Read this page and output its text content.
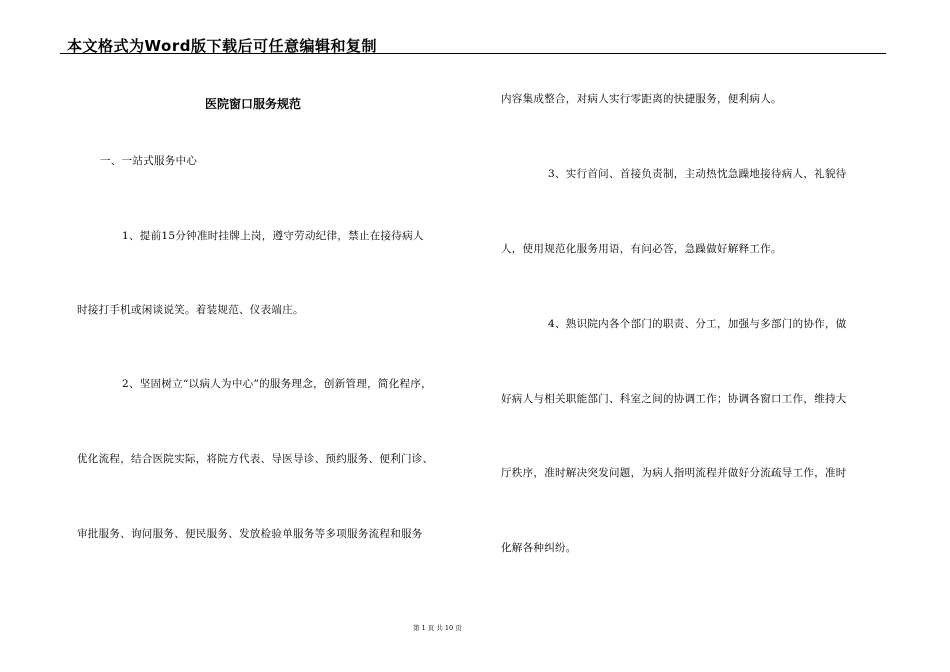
本文格式为Word版下载后可任意编辑和复制
医院窗口服务规范
一、一站式服务中心
1、提前15分钟准时挂牌上岗，遵守劳动纪律，禁止在接待病人
时接打手机或闲谈说笑。着装规范、仪表端庄。
2、坚固树立“以病人为中心”的服务理念，创新管理，简化程序，
优化流程，结合医院实际，将院方代表、导医导诊、预约服务、便利门诊、
审批服务、询问服务、便民服务、发放检验单服务等多项服务流程和服务
内容集成整合，对病人实行零距离的快捷服务，便利病人。
3、实行首问、首接负责制，主动热忱急躁地接待病人，礼貌待
人，使用规范化服务用语，有问必答，急躁做好解释工作。
4、熟识院内各个部门的职责、分工，加强与多部门的协作，做
好病人与相关职能部门、科室之间的协调工作；协调各窗口工作，维持大
厅秩序，准时解决突发问题，为病人指明流程并做好分流疏导工作，准时
化解各种纠纷。
第 1 页 共 10 页
